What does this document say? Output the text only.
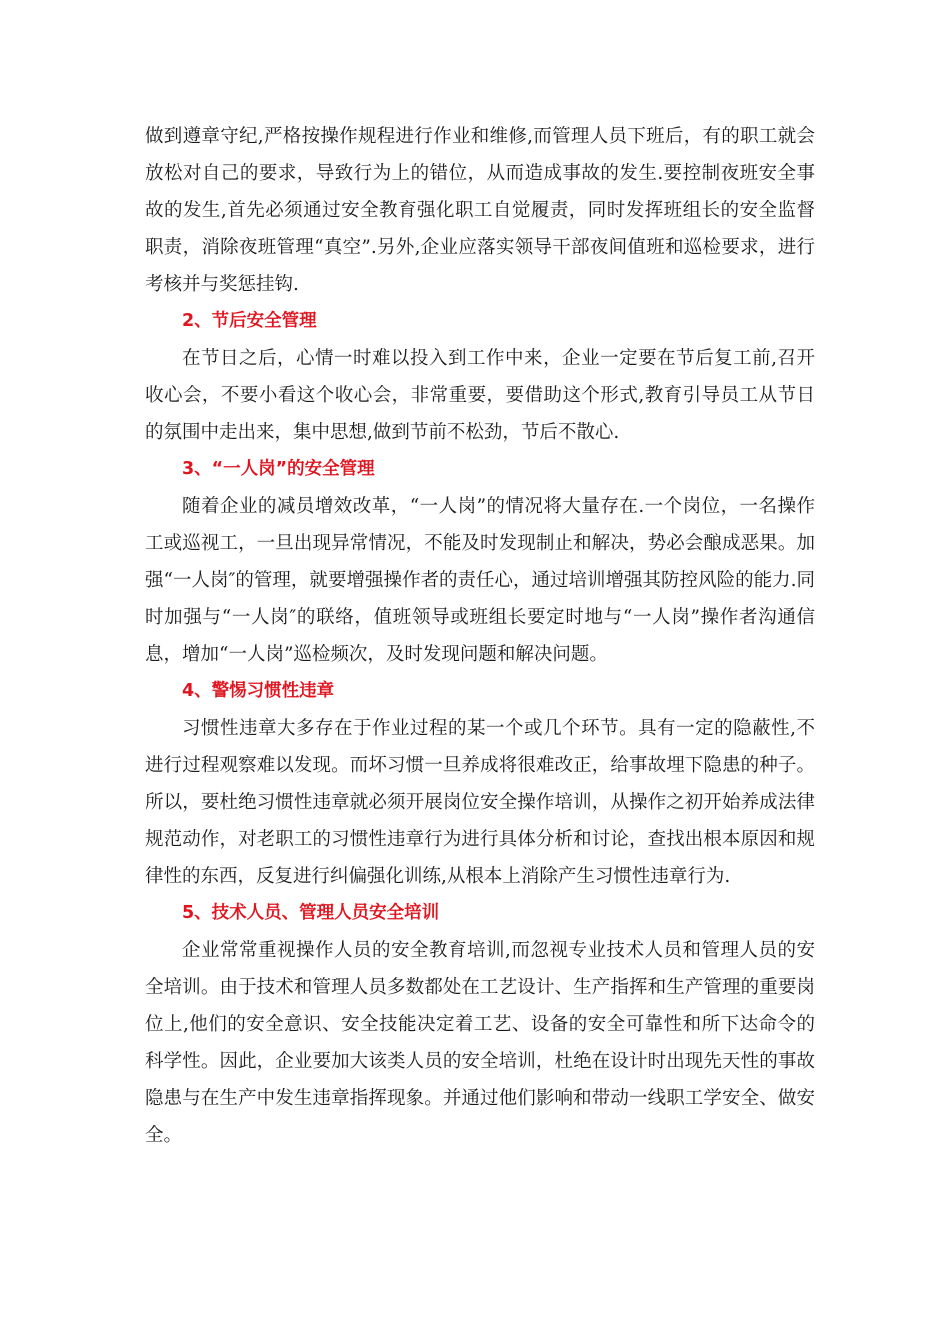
做到遵章守纪,严格按操作规程进行作业和维修,而管理人员下班后，有的职工就会放松对自己的要求，导致行为上的错位，从而造成事故的发生.要控制夜班安全事故的发生,首先必须通过安全教育强化职工自觉履责，同时发挥班组长的安全监督职责，消除夜班管理“真空”.另外,企业应落实领导干部夜间值班和巡检要求，进行考核并与奖惩挂钩.

2、节后安全管理

在节日之后，心情一时难以投入到工作中来，企业一定要在节后复工前,召开收心会，不要小看这个收心会，非常重要，要借助这个形式,教育引导员工从节日的氛围中走出来，集中思想,做到节前不松劲，节后不散心.

3、“一人岗”的安全管理

随着企业的减员增效改革，“一人岗”的情况将大量存在.一个岗位，一名操作工或巡视工，一旦出现异常情况，不能及时发现制止和解决，势必会酿成恶果。加强“一人岗″的管理，就要增强操作者的责任心，通过培训增强其防控风险的能力.同时加强与“一人岗″的联络，值班领导或班组长要定时地与“一人岗”操作者沟通信息，增加“一人岗”巡检频次，及时发现问题和解决问题。

4、警惕习惯性违章

习惯性违章大多存在于作业过程的某一个或几个环节。具有一定的隐蔽性,不进行过程观察难以发现。而坏习惯一旦养成将很难改正，给事故埋下隐患的种子。所以，要杜绝习惯性违章就必须开展岗位安全操作培训，从操作之初开始养成法律规范动作，对老职工的习惯性违章行为进行具体分析和讨论，查找出根本原因和规律性的东西，反复进行纠偏强化训练,从根本上消除产生习惯性违章行为.

5、技术人员、管理人员安全培训

企业常常重视操作人员的安全教育培训,而忽视专业技术人员和管理人员的安全培训。由于技术和管理人员多数都处在工艺设计、生产指挥和生产管理的重要岗位上,他们的安全意识、安全技能决定着工艺、设备的安全可靠性和所下达命令的科学性。因此，企业要加大该类人员的安全培训，杜绝在设计时出现先天性的事故隐患与在生产中发生违章指挥现象。并通过他们影响和带动一线职工学安全、做安全。
